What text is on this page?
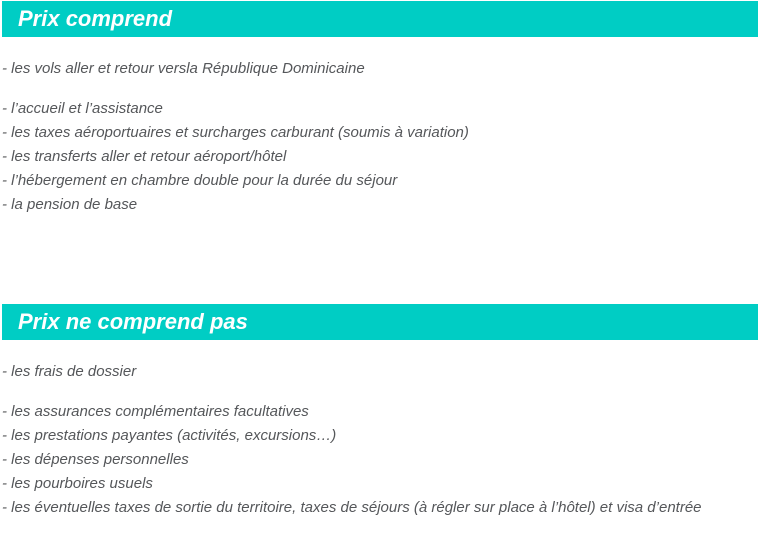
Prix comprend

- les vols aller et retour versla République Dominicaine

- l’accueil et l’assistance

- les taxes aéroportuaires et surcharges carburant (soumis à variation)

- les transferts aller et retour aéroport/hôtel

- l’hébergement en chambre double pour la durée du séjour

- la pension de base

Prix ne comprend pas

- les frais de dossier

- les assurances complémentaires facultatives

- les prestations payantes (activités, excursions…)

- les dépenses personnelles

- les pourboires usuels

- les éventuelles taxes de sortie du territoire, taxes de séjours (à régler sur place à l’hôtel) et visa d’entrée
